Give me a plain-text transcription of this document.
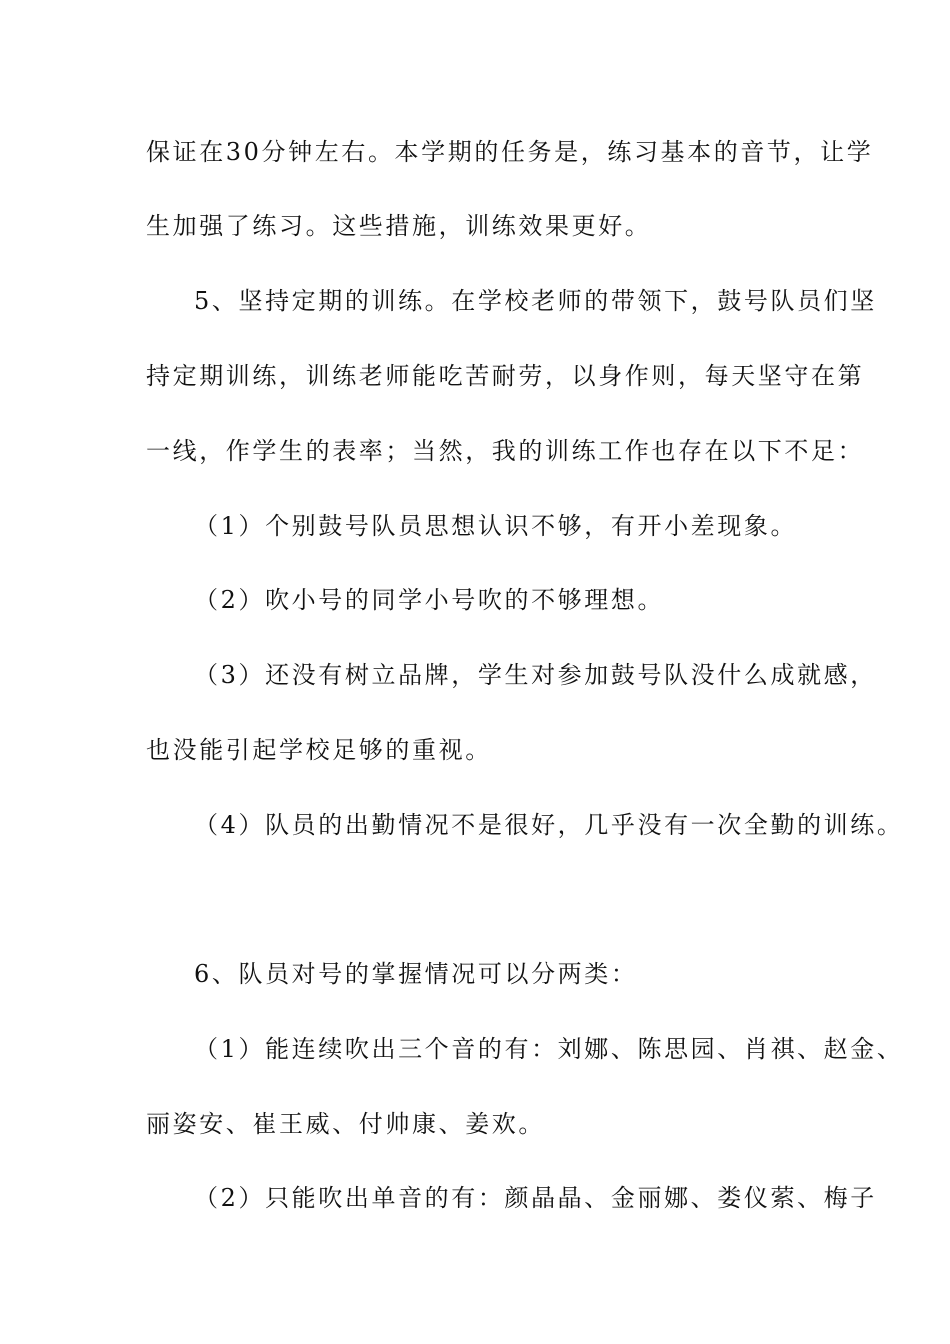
保证在30分钟左右。本学期的任务是，练习基本的音节，让学
生加强了练习。这些措施，训练效果更好。
5、坚持定期的训练。在学校老师的带领下，鼓号队员们坚
持定期训练，训练老师能吃苦耐劳，以身作则，每天坚守在第
一线，作学生的表率；当然，我的训练工作也存在以下不足：
（1）个别鼓号队员思想认识不够，有开小差现象。
（2）吹小号的同学小号吹的不够理想。
（3）还没有树立品牌，学生对参加鼓号队没什么成就感，
也没能引起学校足够的重视。
（4）队员的出勤情况不是很好，几乎没有一次全勤的训练。
6、队员对号的掌握情况可以分两类：
（1）能连续吹出三个音的有：刘娜、陈思园、肖祺、赵金、
丽姿安、崔王威、付帅康、姜欢。
（2）只能吹出单音的有：颜晶晶、金丽娜、娄仪萦、梅子
